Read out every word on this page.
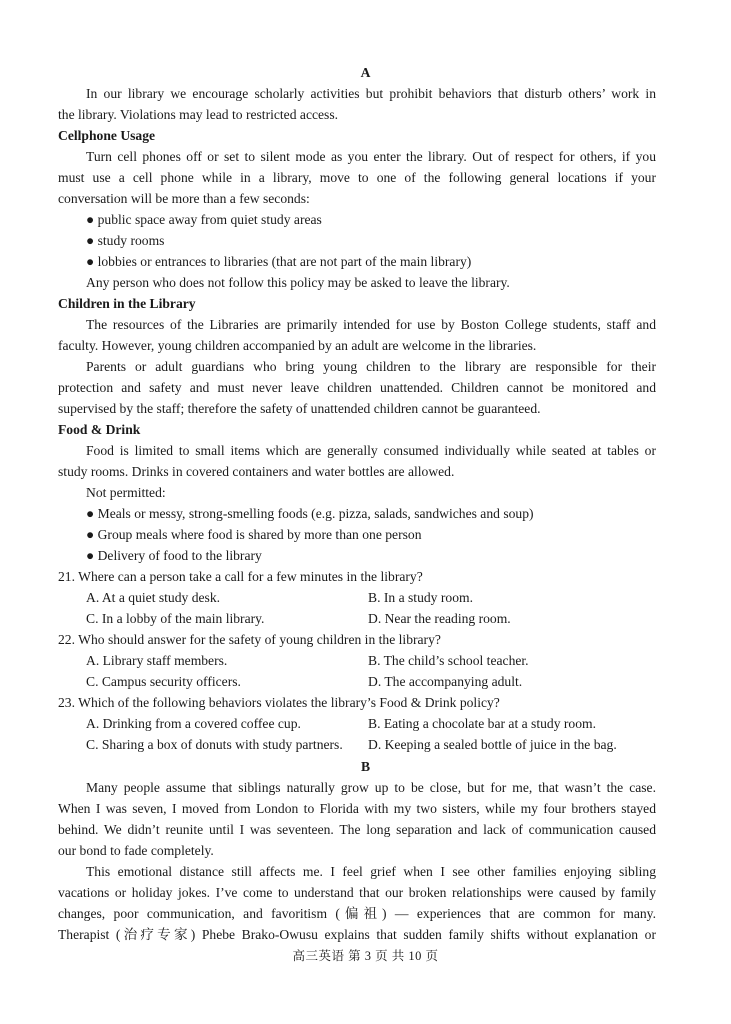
A
In our library we encourage scholarly activities but prohibit behaviors that disturb others’ work in
the library. Violations may lead to restricted access.
Cellphone Usage
Turn cell phones off or set to silent mode as you enter the library. Out of respect for others, if you
must use a cell phone while in a library, move to one of the following general locations if your
conversation will be more than a few seconds:
● public space away from quiet study areas
● study rooms
● lobbies or entrances to libraries (that are not part of the main library)
Any person who does not follow this policy may be asked to leave the library.
Children in the Library
The resources of the Libraries are primarily intended for use by Boston College students, staff and
faculty. However, young children accompanied by an adult are welcome in the libraries.
Parents or adult guardians who bring young children to the library are responsible for their
protection and safety and must never leave children unattended. Children cannot be monitored and
supervised by the staff; therefore the safety of unattended children cannot be guaranteed.
Food & Drink
Food is limited to small items which are generally consumed individually while seated at tables or
study rooms. Drinks in covered containers and water bottles are allowed.
Not permitted:
● Meals or messy, strong-smelling foods (e.g. pizza, salads, sandwiches and soup)
● Group meals where food is shared by more than one person
● Delivery of food to the library
21. Where can a person take a call for a few minutes in the library?
A. At a quiet study desk.	B. In a study room.
C. In a lobby of the main library.	D. Near the reading room.
22. Who should answer for the safety of young children in the library?
A. Library staff members.	B. The child’s school teacher.
C. Campus security officers.	D. The accompanying adult.
23. Which of the following behaviors violates the library’s Food & Drink policy?
A. Drinking from a covered coffee cup.	B. Eating a chocolate bar at a study room.
C. Sharing a box of donuts with study partners. D. Keeping a sealed bottle of juice in the bag.
B
Many people assume that siblings naturally grow up to be close, but for me, that wasn’t the case.
When I was seven, I moved from London to Florida with my two sisters, while my four brothers stayed
behind. We didn’t reunite until I was seventeen. The long separation and lack of communication caused
our bond to fade completely.
This emotional distance still affects me. I feel grief when I see other families enjoying sibling
vacations or holiday jokes. I’ve come to understand that our broken relationships were caused by family
changes, poor communication, and favoritism (偏祖) — experiences that are common for many.
Therapist (治疗专家) Phebe Brako-Owusu explains that sudden family shifts without explanation or
高三英语 第 3 页 共 10 页
